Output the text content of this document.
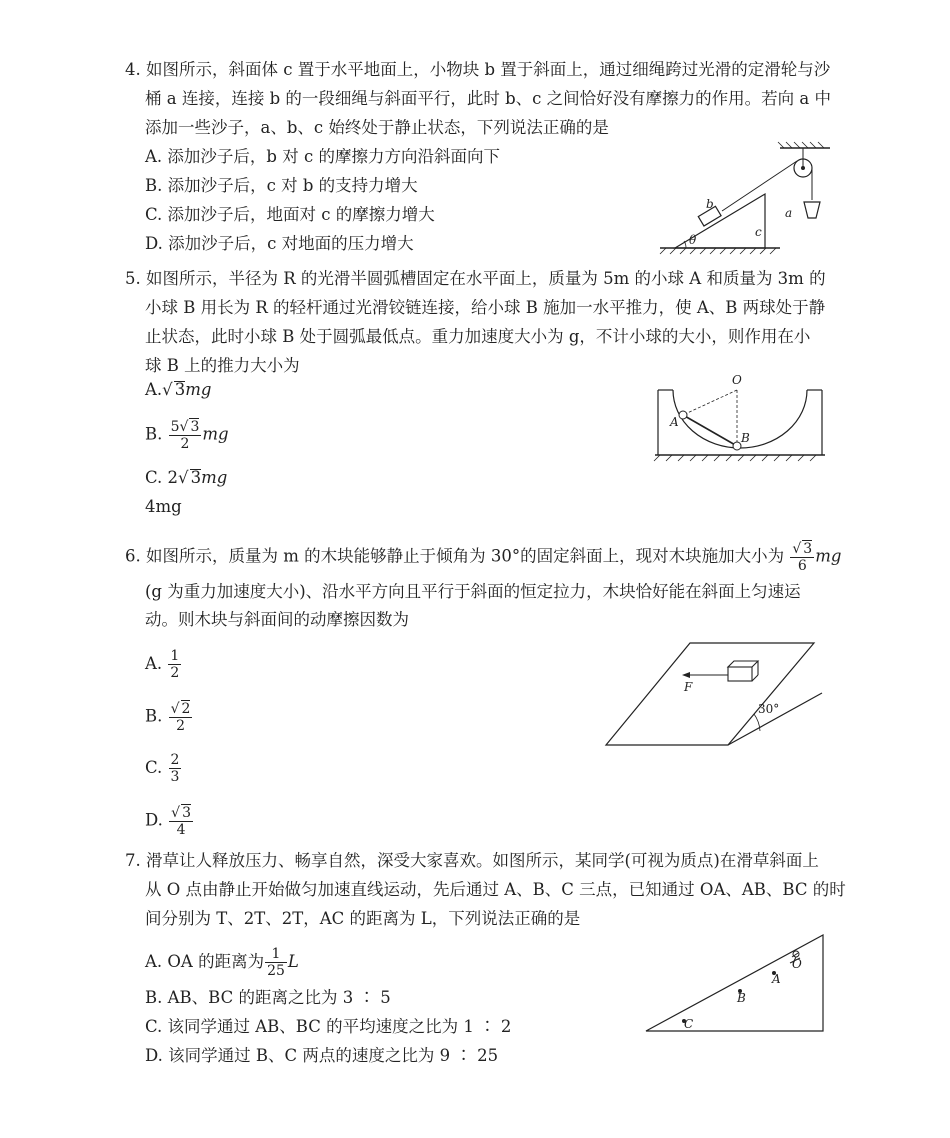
4. 如图所示，斜面体 c 置于水平地面上，小物块 b 置于斜面上，通过细绳跨过光滑的定滑轮与沙
桶 a 连接，连接 b 的一段细绳与斜面平行，此时 b、c 之间恰好没有摩擦力的作用。若向 a 中
添加一些沙子，a、b、c 始终处于静止状态，下列说法正确的是
A. 添加沙子后，b 对 c 的摩擦力方向沿斜面向下
B. 添加沙子后，c 对 b 的支持力增大
C. 添加沙子后，地面对 c 的摩擦力增大
D. 添加沙子后，c 对地面的压力增大	θ
b
c
a
5. 如图所示，半径为 R 的光滑半圆弧槽固定在水平面上，质量为 5m 的小球 A 和质量为 3m 的
小球 B 用长为 R 的轻杆通过光滑铰链连接，给小球 B 施加一水平推力，使 A、B 两球处于静
止状态，此时小球 B 处于圆弧最低点。重力加速度大小为 g，不计小球的大小，则作用在小
球 B 上的推力大小为
A.√ 3mg
B. $\frac{5√ 3}{2}$ mg
C. 2√ 3mg
4mg
O
A
B
6. 如图所示，质量为 m 的木块能够静止于倾角为 30°的固定斜面上，现对木块施加大小为 $\frac{√ 3}{6}$ mg
(g 为重力加速度大小)、沿水平方向且平行于斜面的恒定拉力，木块恰好能在斜面上匀速运
动。则木块与斜面间的动摩擦因数为
A. $\frac{1}{2}$
B. $\frac{√ 2}{2}$
C. $\frac{2}{3}$
D. $\frac{√ 3}{4}$
30°
F
7. 滑草让人释放压力、畅享自然，深受大家喜欢。如图所示，某同学(可视为质点)在滑草斜面上
从 O 点由静止开始做匀加速直线运动，先后通过 A、B、C 三点，已知通过 OA、AB、BC 的时
间分别为 T、2T、2T，AC 的距离为 L，下列说法正确的是
A. OA 的距离为 $\frac{1}{25}$ L
B. AB、BC 的距离之比为 3 ∶ 5
C. 该同学通过 AB、BC 的平均速度之比为 1 ∶ 2
D. 该同学通过 B、C 两点的速度之比为 9 ∶ 25
C
B
A
O
